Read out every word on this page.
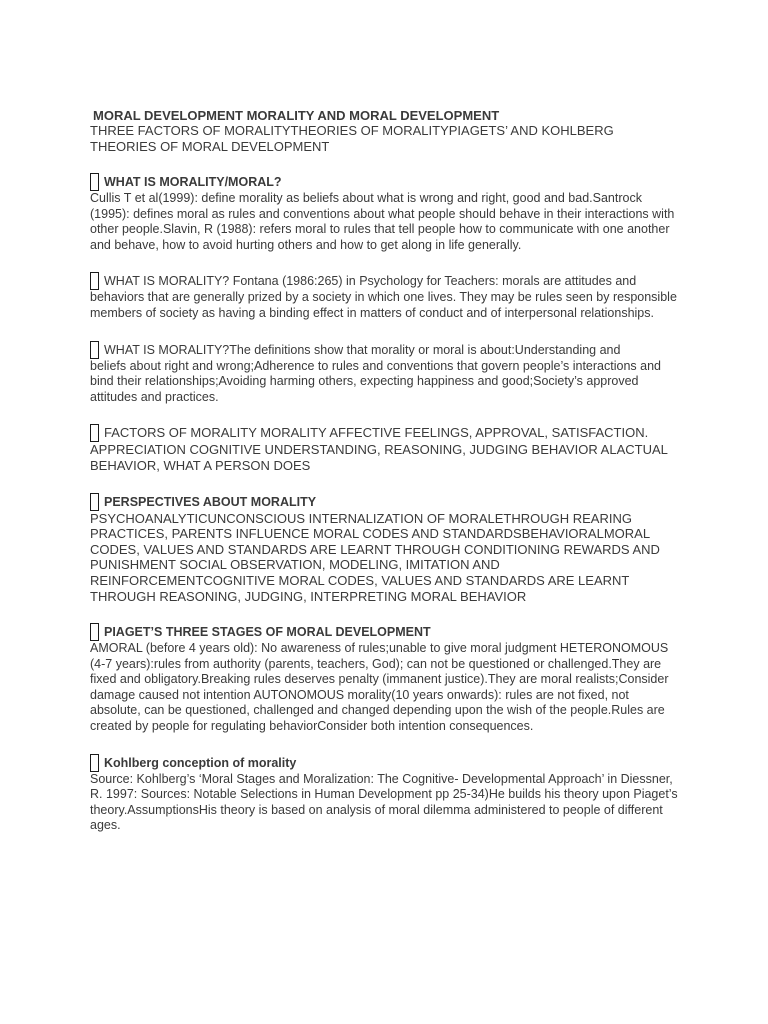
MORAL DEVELOPMENT MORALITY AND MORAL DEVELOPMENT
THREE FACTORS OF MORALITYTHEORIES OF MORALITYPIAGETS’ AND KOHLBERG THEORIES OF MORAL DEVELOPMENT
WHAT IS MORALITY/MORAL?
Cullis T et al(1999): define morality as beliefs about what is wrong and right, good and bad.Santrock (1995): defines moral as rules and conventions about what people should behave in their interactions with other people.Slavin, R (1988): refers moral to rules that tell people how to communicate with one another and behave, how to avoid hurting others and how to get along in life generally.
WHAT IS MORALITY? Fontana (1986:265) in Psychology for Teachers: morals are attitudes and
behaviors that are generally prized by a society in which one lives. They may be rules seen by responsible members of society as having a binding effect in matters of conduct and of interpersonal relationships.
WHAT IS MORALITY?The definitions show that morality or moral is about:Understanding and
beliefs about right and wrong;Adherence to rules and conventions that govern people’s interactions and bind their relationships;Avoiding harming others, expecting happiness and good;Society’s approved attitudes and practices.
FACTORS OF MORALITY MORALITY AFFECTIVE FEELINGS, APPROVAL, SATISFACTION.
APPRECIATION COGNITIVE UNDERSTANDING, REASONING, JUDGING BEHAVIOR ALACTUAL BEHAVIOR, WHAT A PERSON DOES
PERSPECTIVES ABOUT MORALITY
PSYCHOANALYTICUNCONSCIOUS INTERNALIZATION OF MORALETHROUGH REARING PRACTICES, PARENTS INFLUENCE MORAL CODES AND STANDARDSBEHAVIORALMORAL CODES, VALUES AND STANDARDS ARE LEARNT THROUGH CONDITIONING REWARDS AND PUNISHMENT SOCIAL OBSERVATION, MODELING, IMITATION AND REINFORCEMENTCOGNITIVE MORAL CODES, VALUES AND STANDARDS ARE LEARNT THROUGH REASONING, JUDGING, INTERPRETING MORAL BEHAVIOR
PIAGET’S THREE STAGES OF MORAL DEVELOPMENT
AMORAL (before 4 years old): No awareness of rules;unable to give moral judgment HETERONOMOUS (4-7 years):rules from authority (parents, teachers, God); can not be questioned or challenged.They are fixed and obligatory.Breaking rules deserves penalty (immanent justice).They are moral realists;Consider damage caused not intention AUTONOMOUS morality(10 years onwards): rules are not fixed, not absolute, can be questioned, challenged and changed depending upon the wish of the people.Rules are created by people for regulating behaviorConsider both intention consequences.
Kohlberg conception of morality
Source: Kohlberg’s ‘Moral Stages and Moralization: The Cognitive- Developmental Approach’ in Diessner, R. 1997: Sources: Notable Selections in Human Development pp 25-34)He builds his theory upon Piaget’s theory.AssumptionsHis theory is based on analysis of moral dilemma administered to people of different ages.
